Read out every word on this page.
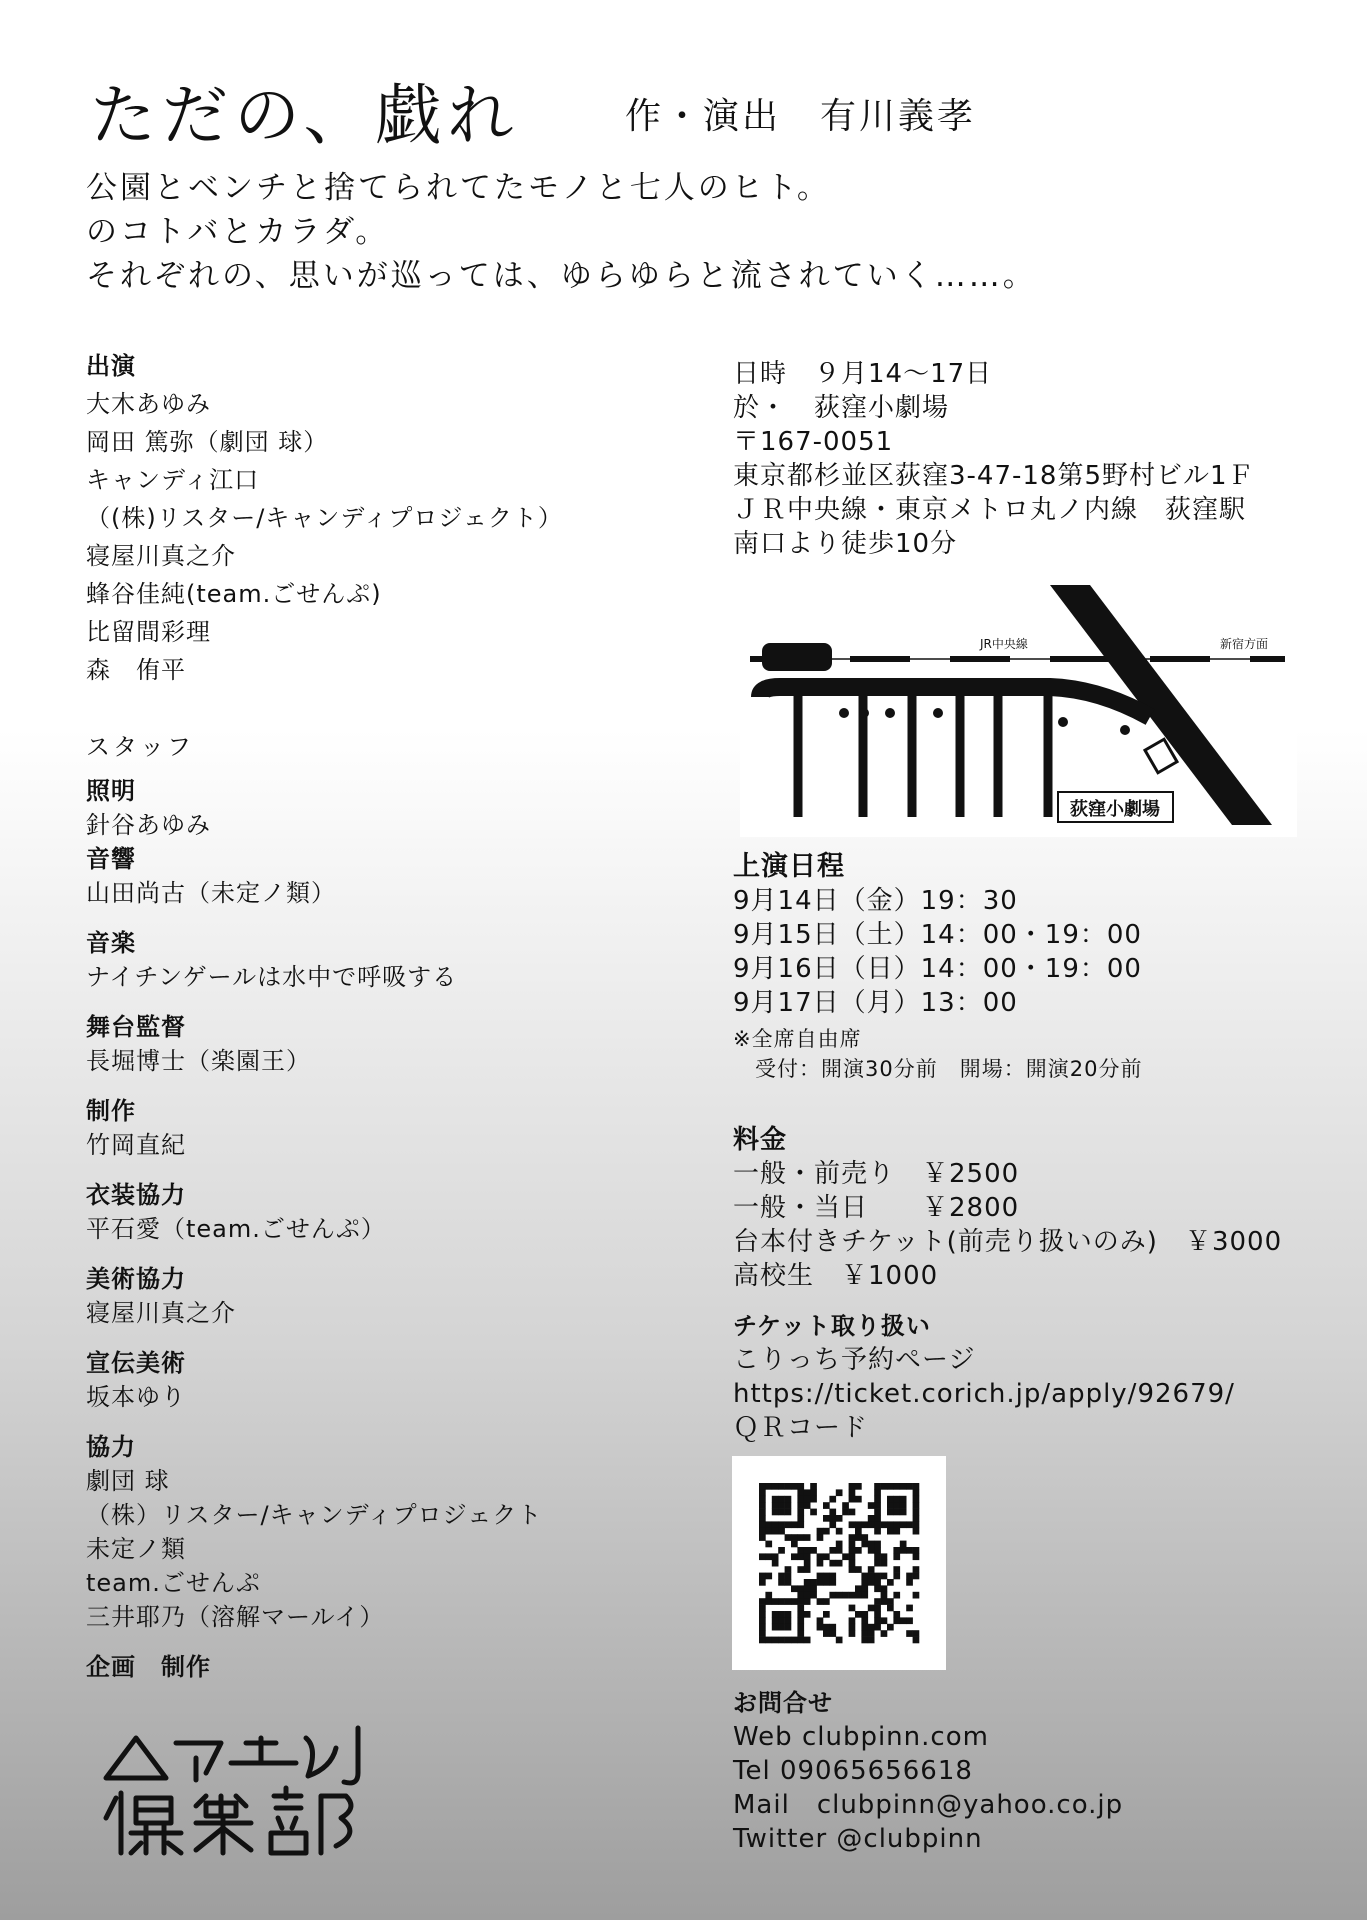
ただの、戯れ	作・演出　有川義孝
公園とベンチと捨てられてたモノと七人のヒト。
のコトバとカラダ。
それぞれの、思いが巡っては、ゆらゆらと流されていく……。
出演
大木あゆみ
岡田 篤弥（劇団 球）
キャンディ江口
（(株)リスター/キャンディプロジェクト）
寝屋川真之介
蜂谷佳純(team.ごせんぷ)
比留間彩理
森　侑平
スタッフ
照明
針谷あゆみ
音響
山田尚古（未定ノ類）
音楽
ナイチンゲールは水中で呼吸する
舞台監督
長堀博士（楽園王）
制作
竹岡直紀
衣装協力
平石愛（team.ごせんぷ）
美術協力
寝屋川真之介
宣伝美術
坂本ゆり
協力
劇団 球
（株）リスター/キャンディプロジェクト
未定ノ類
team.ごせんぷ
三井耶乃（溶解マールイ）
企画　制作
日時　９月14～17日
於・　荻窪小劇場
〒167-0051
東京都杉並区荻窪3-47-18第5野村ビル1Ｆ
ＪＲ中央線・東京メトロ丸ノ内線　荻窪駅
南口より徒歩10分
JR中央線	新宿方面
荻窪小劇場
上演日程
9月14日（金）19：30
9月15日（土）14：00・19：00
9月16日（日）14：00・19：00
9月17日（月）13：00
※全席自由席
　受付：開演30分前　開場：開演20分前
料金
一般・前売り　￥2500
一般・当日　　￥2800
台本付きチケット(前売り扱いのみ)　￥3000
高校生　￥1000
チケット取り扱い
こりっち予約ページ
https://ticket.corich.jp/apply/92679/
ＱＲコード
お問合せ
Web clubpinn.com
Tel 09065656618
Mail　clubpinn@yahoo.co.jp
Twitter @clubpinn
